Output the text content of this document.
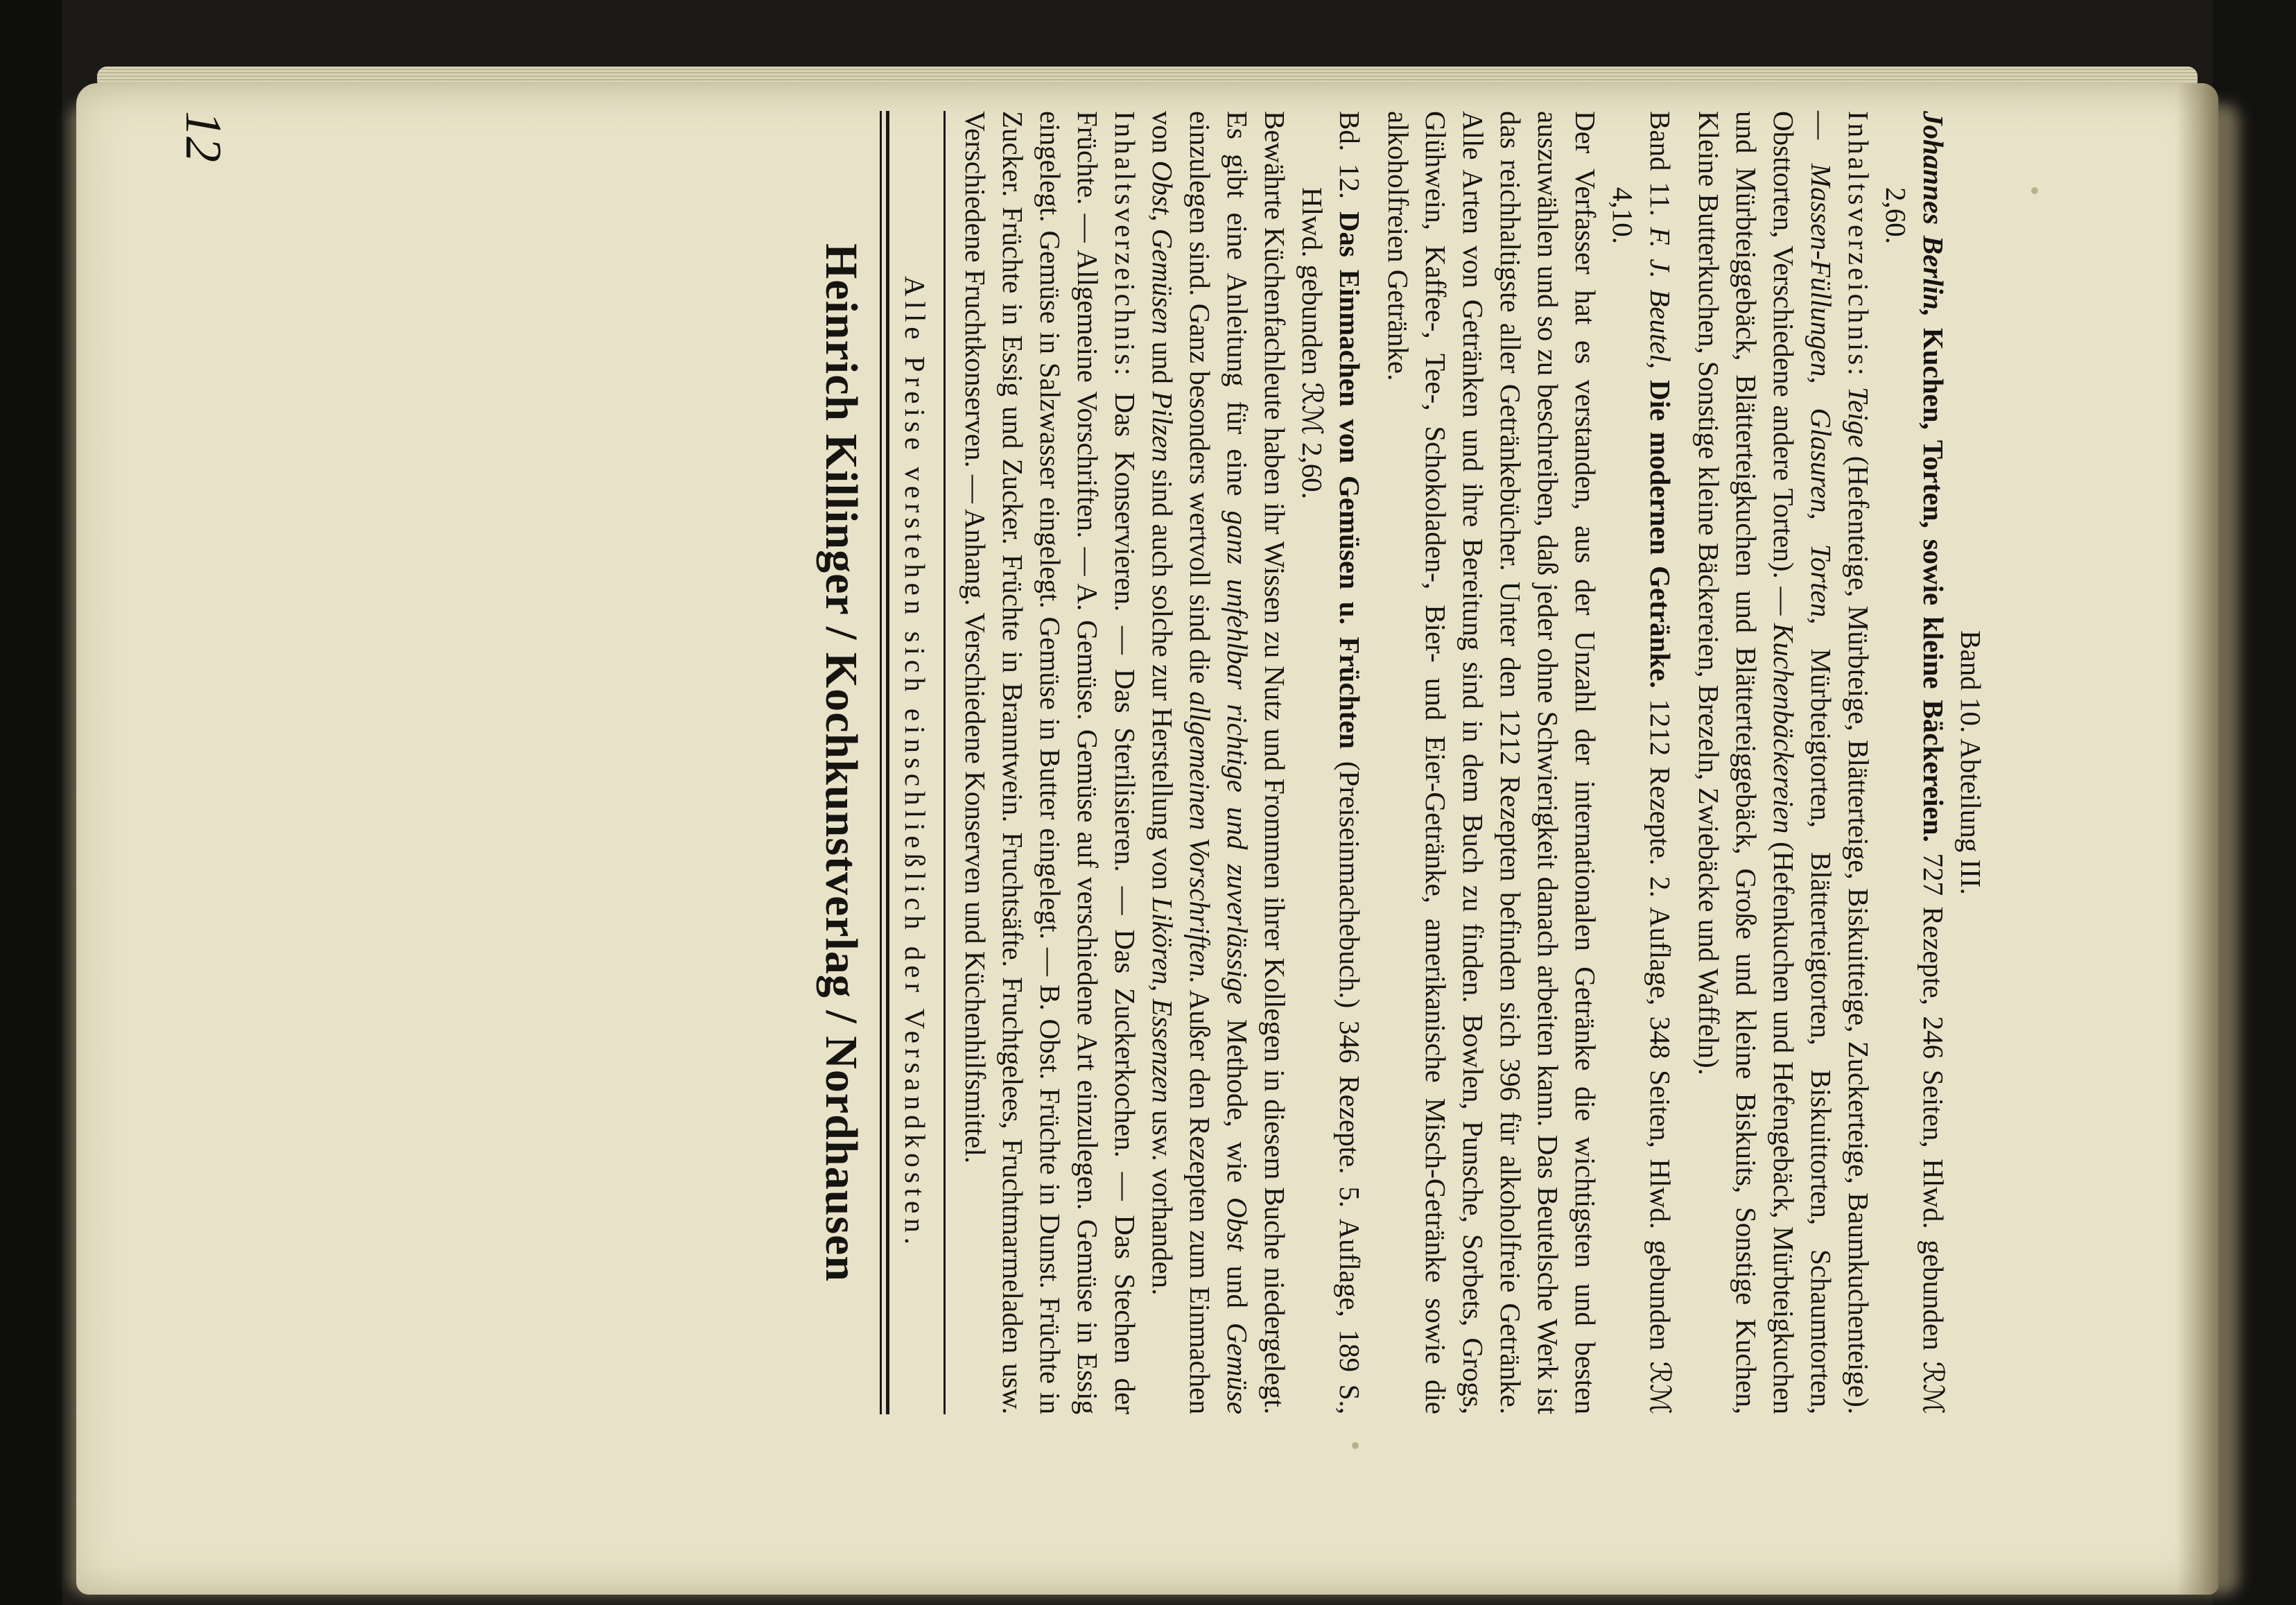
Band 10. Abteilung III.

Johannes Berlin, Kuchen, Torten, sowie kleine Bäckereien. 727 Rezepte, 246 Seiten, Hlwd. gebunden ℛℳ 2,60.

Inhaltsverzeichnis: Teige (Hefenteige, Mürbteige, Blätterteige, Biskuitteige, Zuckerteige, Baumkuchenteige). — Massen-Füllungen, Glasuren, Torten, Mürbteigtorten, Blätterteigtorten, Biskuittorten, Schaumtorten, Obsttorten, Verschiedene andere Torten). — Kuchenbäckereien (Hefenkuchen und Hefengebäck, Mürbteigkuchen und Mürbteiggebäck, Blätterteigkuchen und Blätterteiggebäck, Große und kleine Biskuits, Sonstige Kuchen, Kleine Butterkuchen, Sonstige kleine Bäckereien, Brezeln, Zwiebäcke und Waffeln).

Band 11. F. J. Beutel, Die modernen Getränke. 1212 Rezepte. 2. Auflage, 348 Seiten, Hlwd. gebunden ℛℳ 4,10.

Der Verfasser hat es verstanden, aus der Unzahl der internationalen Getränke die wichtigsten und besten auszuwählen und so zu beschreiben, daß jeder ohne Schwierigkeit danach arbeiten kann. Das Beutelsche Werk ist das reichhaltigste aller Getränkebücher. Unter den 1212 Rezepten befinden sich 396 für alkoholfreie Getränke. Alle Arten von Getränken und ihre Bereitung sind in dem Buch zu finden. Bowlen, Punsche, Sorbets, Grogs, Glühwein, Kaffee-, Tee-, Schokoladen-, Bier- und Eier-Getränke, amerikanische Misch-Getränke sowie die alkoholfreien Getränke.

Bd. 12. Das Einmachen von Gemüsen u. Früchten (Preiseinmachebuch.) 346 Rezepte. 5. Auflage, 189 S., Hlwd. gebunden ℛℳ 2,60.

Bewährte Küchenfachleute haben ihr Wissen zu Nutz und Frommen ihrer Kollegen in diesem Buche niedergelegt. Es gibt eine Anleitung für eine ganz unfehlbar richtige und zuverlässige Methode, wie Obst und Gemüse einzulegen sind. Ganz besonders wertvoll sind die allgemeinen Vorschriften. Außer den Rezepten zum Einmachen von Obst, Gemüsen und Pilzen sind auch solche zur Herstellung von Likören, Essenzen usw. vorhanden.

Inhaltsverzeichnis: Das Konservieren. — Das Sterilisieren. — Das Zuckerkochen. — Das Stechen der Früchte. — Allgemeine Vorschriften. — A. Gemüse. Gemüse auf verschiedene Art einzulegen. Gemüse in Essig eingelegt. Gemüse in Salzwasser eingelegt. Gemüse in Butter eingelegt. — B. Obst. Früchte in Dunst. Früchte in Zucker. Früchte in Essig und Zucker. Früchte in Branntwein. Fruchtsäfte. Fruchtgelees, Fruchtmarmeladen usw. Verschiedene Fruchtkonserven. — Anhang. Verschiedene Konserven und Küchenhilfsmittel.

Alle Preise verstehen sich einschließlich der Versandkosten.

Heinrich Killinger / Kochkunstverlag / Nordhausen

12
